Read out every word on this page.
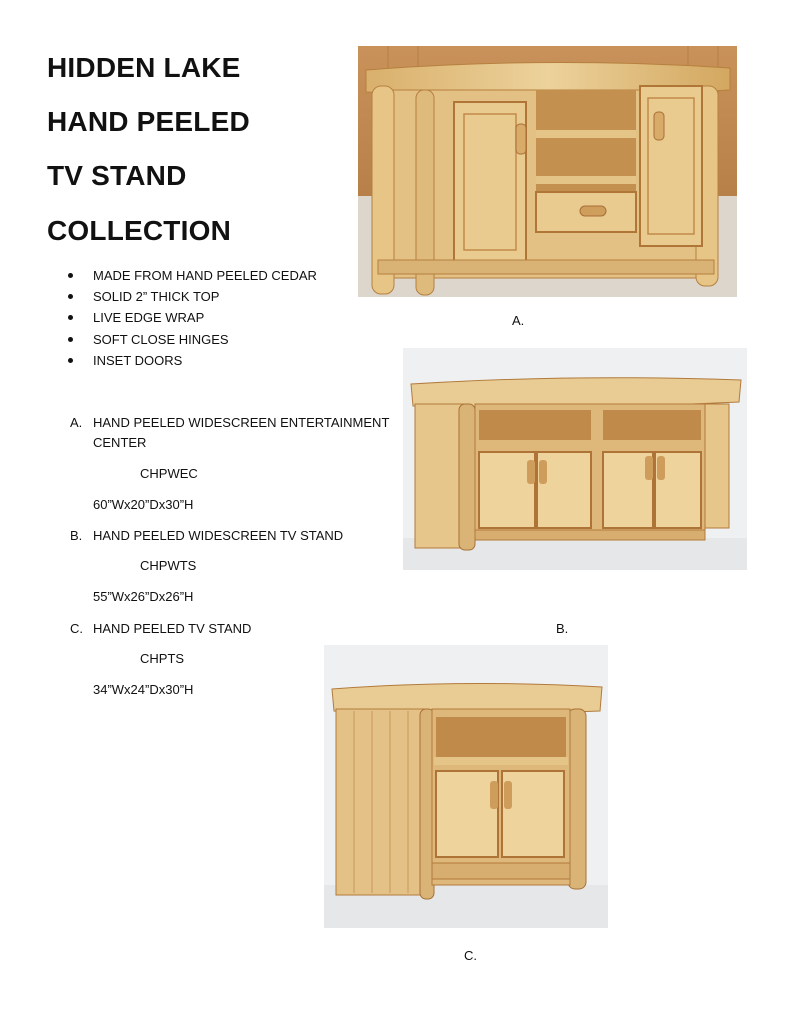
HIDDEN LAKE
HAND PEELED
TV STAND
COLLECTION
MADE FROM HAND PEELED CEDAR
SOLID 2” THICK TOP
LIVE EDGE WRAP
SOFT CLOSE HINGES
INSET DOORS
A. HAND PEELED WIDESCREEN ENTERTAINMENT CENTER
CHPWEC
60”Wx20”Dx30”H
B. HAND PEELED WIDESCREEN TV STAND
CHPWTS
55”Wx26”Dx26”H
C. HAND PEELED TV STAND
CHPTS
34”Wx24”Dx30”H
A.
B.
C.
